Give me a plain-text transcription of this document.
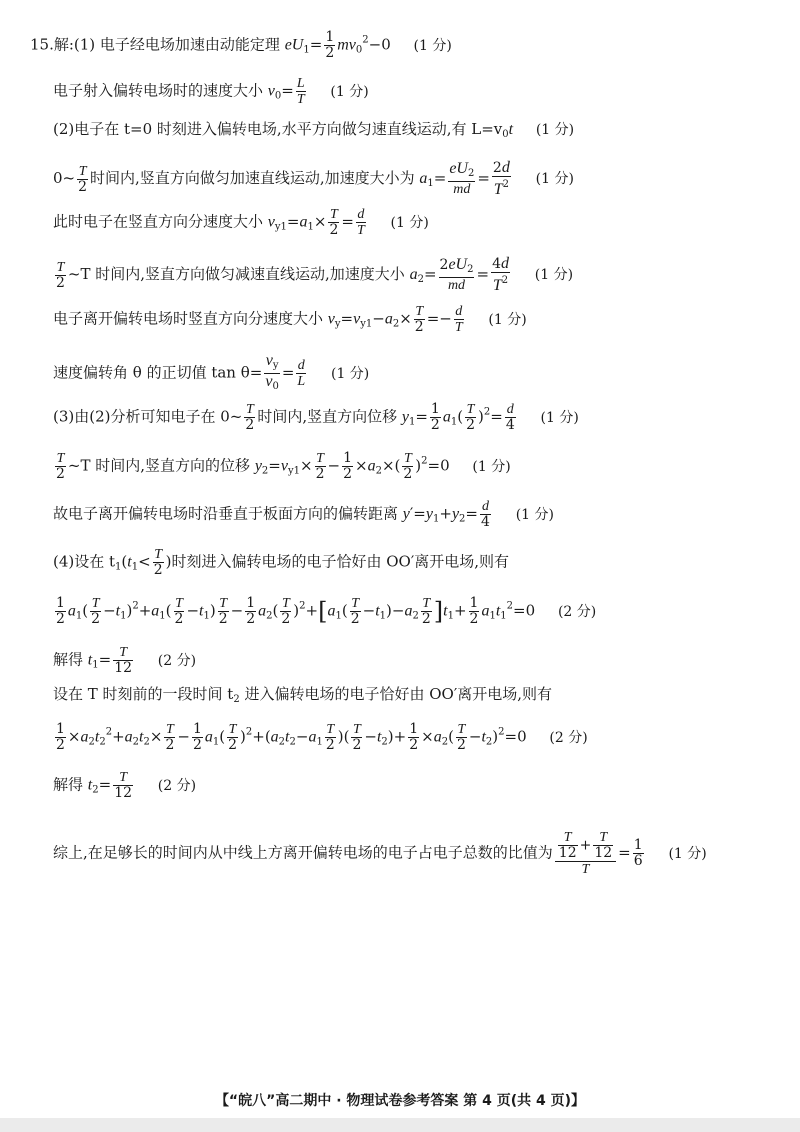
15.解:(1) 电子经电场加速由动能定理 $eU_1= \frac{1}{2} mv_0^2-0$ (1 分)
电子射入偏转电场时的速度大小 $v_0= \frac{L}{T} (1$ 分)
(2)电子在 t=0 时刻进入偏转电场,水平方向做匀速直线运动,有 $L=v_0t$ (1 分)
0~ $\frac{T}{2}$ 时间内,竖直方向做匀加速直线运动,加速度大小为 $a_1= \frac{eU_2}{md} = \frac{2d}{T^2} (1$ 分)
此时电子在竖直方向分速度大小 $v_{y1}=a_1\times \frac{T}{2} = \frac{d}{T} (1$ 分)
$\frac{T}{2}$ ~T 时间内,竖直方向做匀减速直线运动,加速度大小 $a_2= \frac{2eU_2}{md} = \frac{4d}{T^2} (1$ 分)
电子离开偏转电场时竖直方向分速度大小 $v_y=v_{y1}-a_2\times \frac{T}{2} =- \frac{d}{T} (1$ 分)
速度偏转角 θ 的正切值 $\tan \theta= \frac{v_y}{v_0} = \frac{d}{L} (1$ 分)
(3)由(2)分析可知电子在 0~ $\frac{T}{2}$ 时间内,竖直方向位移 $y_1= \frac{1}{2} a_1( \frac{T}{2} )^2= \frac{d}{4} (1$ 分)
$\frac{T}{2}$ ~T 时间内,竖直方向的位移 $y_2=v_{y1}\times \frac{T}{2} - \frac{1}{2} \times a_2\times( \frac{T}{2} )^2=0$ (1 分)
故电子离开偏转电场时沿垂直于板面方向的偏转距离 $y'=y_1+y_2= \frac{d}{4} (1$ 分)
(4)设在 $t_1(t_1< \frac{T}{2}$ )时刻进入偏转电场的电子恰好由 OO′离开电场,则有
$\frac{1}{2} a_1( \frac{T}{2} -t_1)^2+a_1( \frac{T}{2} -t_1) \frac{T}{2} - \frac{1}{2} a_2( \frac{T}{2} )^2+[a_1( \frac{T}{2} -t_1)-a_2 \frac{T}{2} ]t_1+ \frac{1}{2} a_1t_1^2=0$ (2 分)
解得 $t_1= \frac{T}{12} (2$ 分)
设在 T 时刻前的一段时间 $t_2$ 进入偏转电场的电子恰好由 OO′离开电场,则有
$\frac{1}{2} \times a_2t_2^2+a_2t_2\times \frac{T}{2} - \frac{1}{2} a_1( \frac{T}{2} )^2+(a_2t_2-a_1 \frac{T}{2}$ )( $\frac{T}{2} -t_2)+ \frac{1}{2} \times a_2( \frac{T}{2} -t_2)^2=0$ (2 分)
解得 $t_2= \frac{T}{12} (2$ 分)
综上,在足够长的时间内从中线上方离开偏转电场的电子占电子总数的比值为 $\frac{\frac{T}{12} + \frac{T}{12}}{T} = \frac{1}{6} (1$ 分)
【“皖八”高二期中 · 物理试卷参考答案 第 4 页(共 4 页)】
